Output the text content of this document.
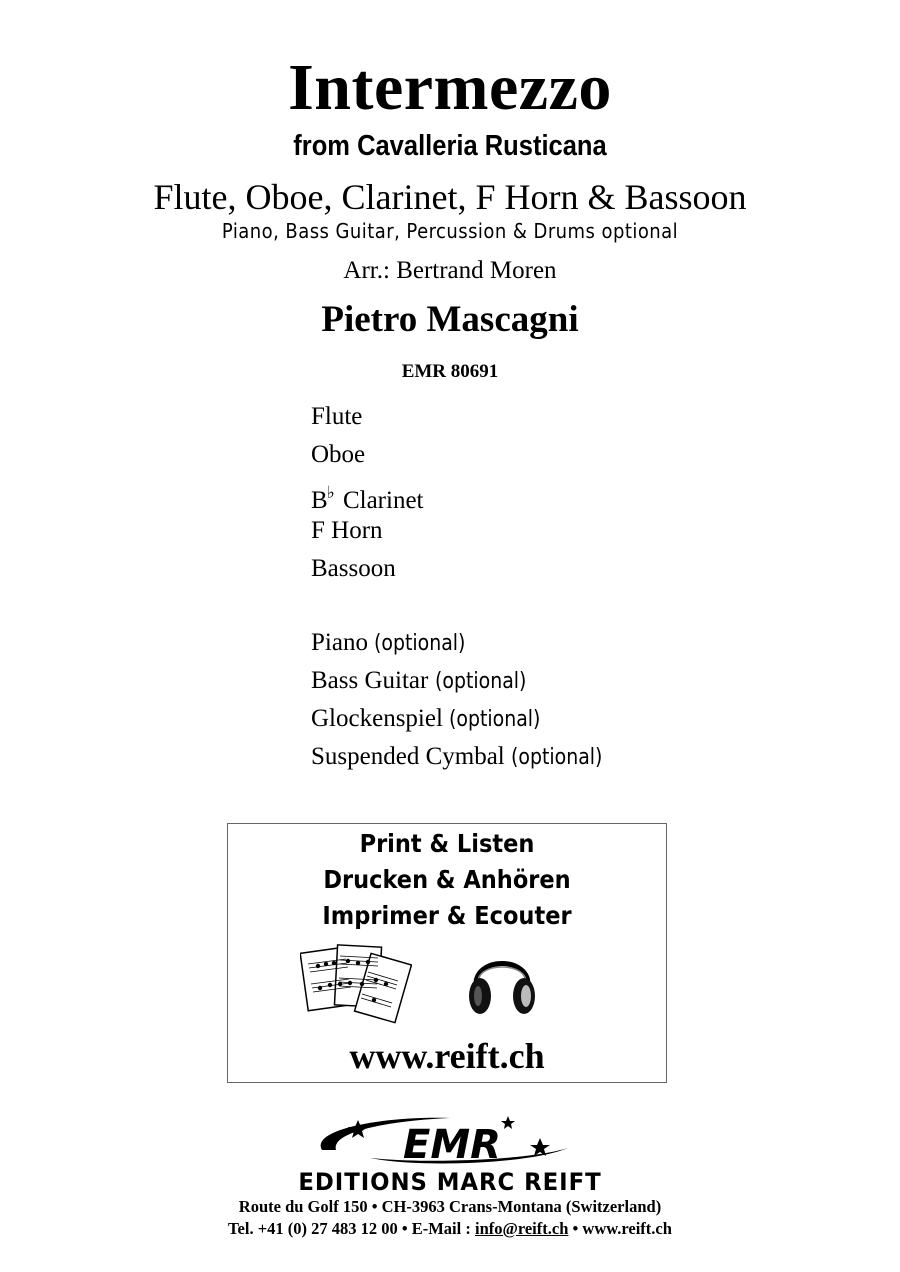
Intermezzo
from Cavalleria Rusticana
Flute, Oboe, Clarinet, F Horn & Bassoon
Piano, Bass Guitar, Percussion & Drums optional
Arr.: Bertrand Moren
Pietro Mascagni
EMR 80691
Flute
Oboe
B♭ Clarinet
F Horn
Bassoon
Piano (optional)
Bass Guitar (optional)
Glockenspiel (optional)
Suspended Cymbal (optional)
Print & Listen
Drucken & Anhören
Imprimer & Ecouter
www.reift.ch
EMR
EDITIONS MARC REIFT
Route du Golf 150 • CH-3963 Crans-Montana (Switzerland)
Tel. +41 (0) 27 483 12 00 • E-Mail : info@reift.ch • www.reift.ch
